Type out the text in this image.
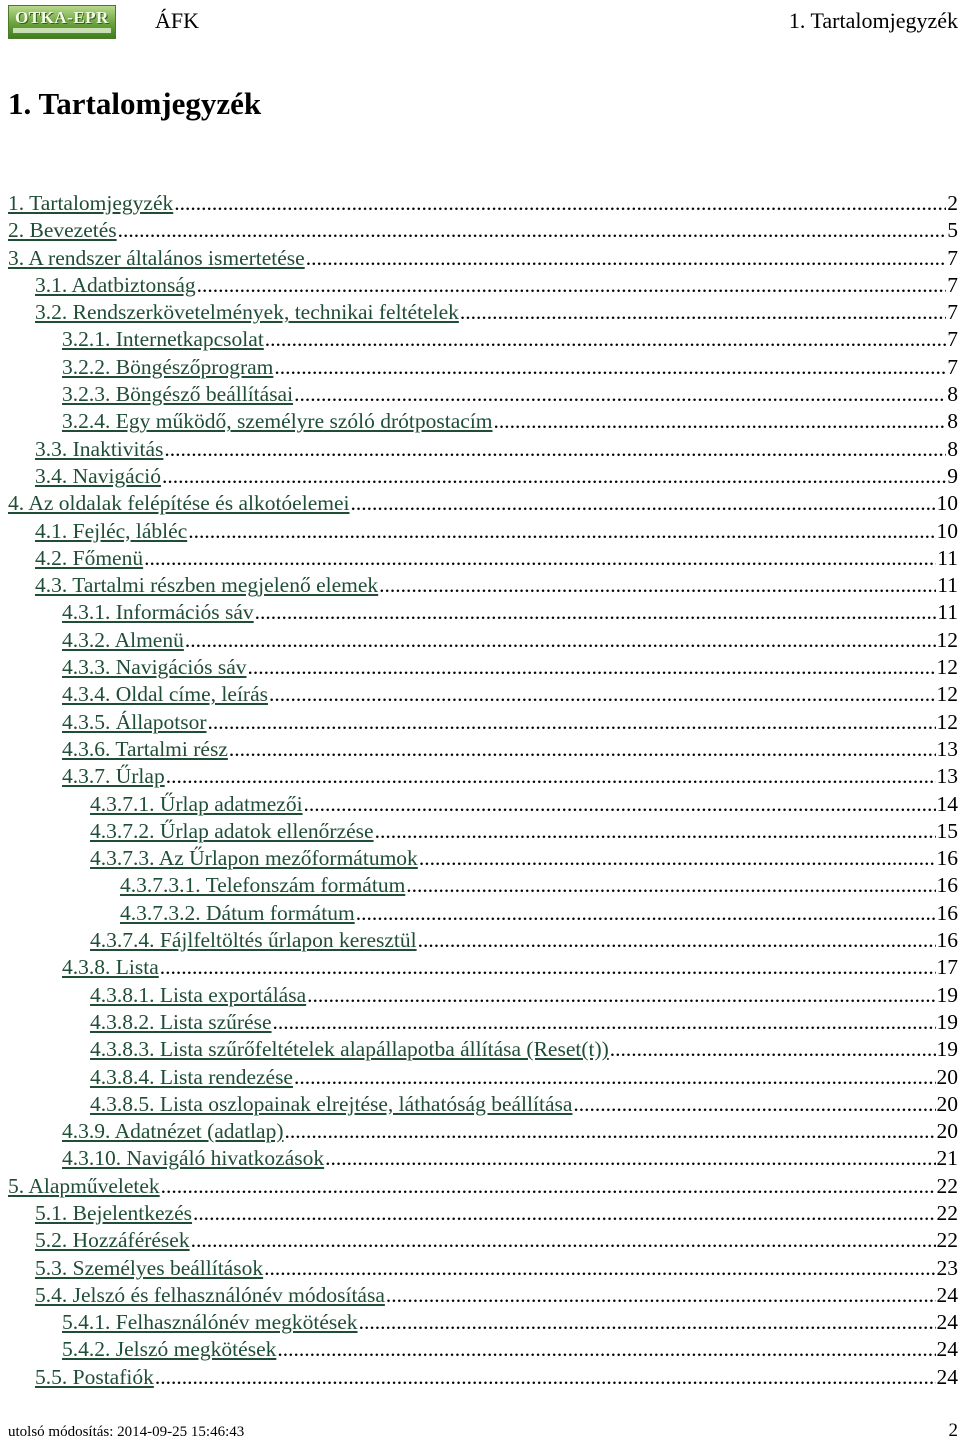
OTKA-EPR ÁFK	1. Tartalomjegyzék
1. Tartalomjegyzék
1. Tartalomjegyzék .....	2
2. Bevezetés .....	5
3. A rendszer általános ismertetése .....	7
3.1. Adatbiztonság .....	7
3.2. Rendszerkövetelmények, technikai feltételek .....	7
3.2.1. Internetkapcsolat .....	7
3.2.2. Böngészőprogram .....	7
3.2.3. Böngésző beállításai .....	8
3.2.4. Egy működő, személyre szóló drótpostacím .....	8
3.3. Inaktivitás .....	8
3.4. Navigáció .....	9
4. Az oldalak felépítése és alkotóelemei .....	10
4.1. Fejléc, lábléc .....	10
4.2. Főmenü .....	11
4.3. Tartalmi részben megjelenő elemek .....	11
4.3.1. Információs sáv .....	11
4.3.2. Almenü .....	12
4.3.3. Navigációs sáv .....	12
4.3.4. Oldal címe, leírás .....	12
4.3.5. Állapotsor .....	12
4.3.6. Tartalmi rész .....	13
4.3.7. Űrlap .....	13
4.3.7.1. Űrlap adatmezői .....	14
4.3.7.2. Űrlap adatok ellenőrzése .....	15
4.3.7.3. Az Űrlapon mezőformátumok .....	16
4.3.7.3.1. Telefonszám formátum .....	16
4.3.7.3.2. Dátum formátum .....	16
4.3.7.4. Fájlfeltöltés űrlapon keresztül .....	16
4.3.8. Lista .....	17
4.3.8.1. Lista exportálása .....	19
4.3.8.2. Lista szűrése .....	19
4.3.8.3. Lista szűrőfeltételek alapállapotba állítása (Reset(t)) .....	19
4.3.8.4. Lista rendezése .....	20
4.3.8.5. Lista oszlopainak elrejtése, láthatóság beállítása .....	20
4.3.9. Adatnézet (adatlap) .....	20
4.3.10. Navigáló hivatkozások .....	21
5. Alapműveletek .....	22
5.1. Bejelentkezés .....	22
5.2. Hozzáférések .....	22
5.3. Személyes beállítások .....	23
5.4. Jelszó és felhasználónév módosítása .....	24
5.4.1. Felhasználónév megkötések .....	24
5.4.2. Jelszó megkötések .....	24
5.5. Postafiók .....	24
utolsó módosítás: 2014-09-25 15:46:43	2
